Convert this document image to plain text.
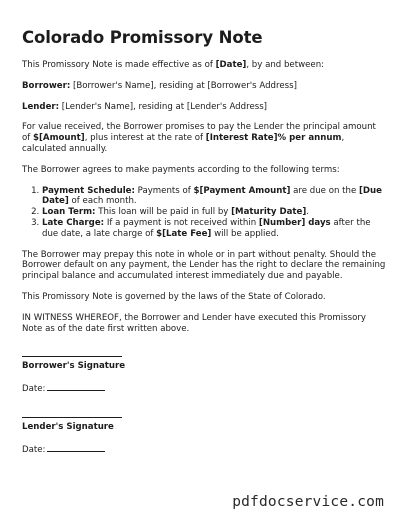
Colorado Promissory Note

This Promissory Note is made effective as of [Date], by and between:

Borrower: [Borrower's Name], residing at [Borrower's Address]

Lender: [Lender's Name], residing at [Lender's Address]

For value received, the Borrower promises to pay the Lender the principal amount of $[Amount], plus interest at the rate of [Interest Rate]% per annum, calculated annually.

The Borrower agrees to make payments according to the following terms:

1. Payment Schedule: Payments of $[Payment Amount] are due on the [Due Date] of each month.
2. Loan Term: This loan will be paid in full by [Maturity Date].
3. Late Charge: If a payment is not received within [Number] days after the due date, a late charge of $[Late Fee] will be applied.

The Borrower may prepay this note in whole or in part without penalty. Should the Borrower default on any payment, the Lender has the right to declare the remaining principal balance and accumulated interest immediately due and payable.

This Promissory Note is governed by the laws of the State of Colorado.

IN WITNESS WHEREOF, the Borrower and Lender have executed this Promissory Note as of the date first written above.

Borrower's Signature

Date:

Lender's Signature

Date:

pdfdocservice.com
